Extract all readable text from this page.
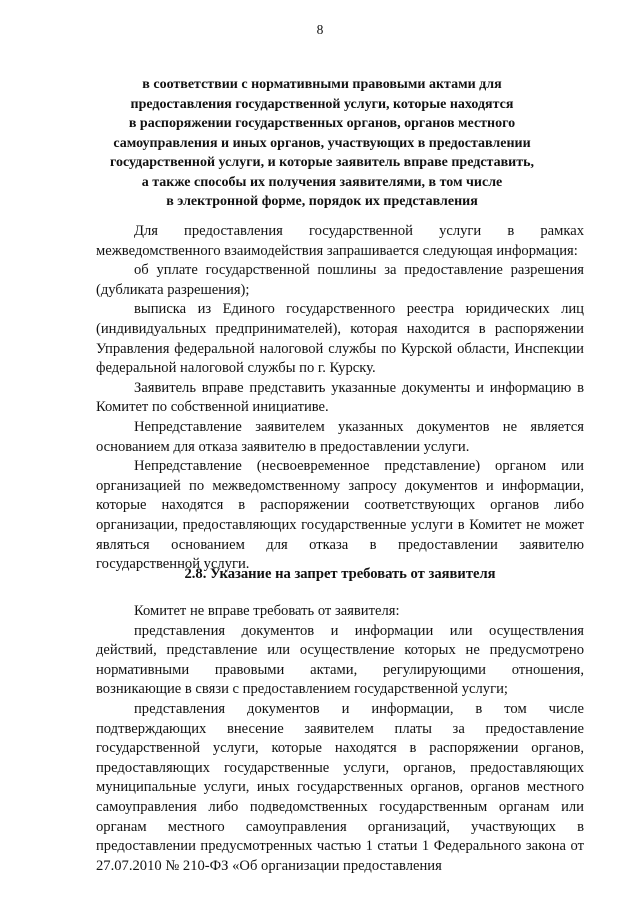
8
в соответствии с нормативными правовыми актами для
предоставления государственной услуги, которые находятся
в распоряжении государственных органов, органов местного
самоуправления и иных органов, участвующих в предоставлении
государственной услуги, и которые заявитель вправе представить,
а также способы их получения заявителями, в том числе
в электронной форме, порядок их представления

Для предоставления государственной услуги в рамках межведомственного взаимодействия запрашивается следующая информация:

об уплате государственной пошлины за предоставление разрешения (дубликата разрешения);

выписка из Единого государственного реестра юридических лиц (индивидуальных предпринимателей), которая находится в распоряжении Управления федеральной налоговой службы по Курской области, Инспекции федеральной налоговой службы по г. Курску.

Заявитель вправе представить указанные документы и информацию в Комитет по собственной инициативе.

Непредставление заявителем указанных документов не является основанием для отказа заявителю в предоставлении услуги.

Непредставление (несвоевременное представление) органом или организацией по межведомственному запросу документов и информации, которые находятся в распоряжении соответствующих органов либо организации, предоставляющих государственные услуги в Комитет не может являться основанием для отказа в предоставлении заявителю государственной услуги.

2.8. Указание на запрет требовать от заявителя

Комитет не вправе требовать от заявителя:

представления документов и информации или осуществления действий, представление или осуществление которых не предусмотрено нормативными правовыми актами, регулирующими отношения, возникающие в связи с предоставлением государственной услуги;

представления документов и информации, в том числе подтверждающих внесение заявителем платы за предоставление государственной услуги, которые находятся в распоряжении органов, предоставляющих государственные услуги, органов, предоставляющих муниципальные услуги, иных государственных органов, органов местного самоуправления либо подведомственных государственным органам или органам местного самоуправления организаций, участвующих в предоставлении предусмотренных частью 1 статьи 1 Федерального закона от 27.07.2010 № 210-ФЗ «Об организации предоставления
